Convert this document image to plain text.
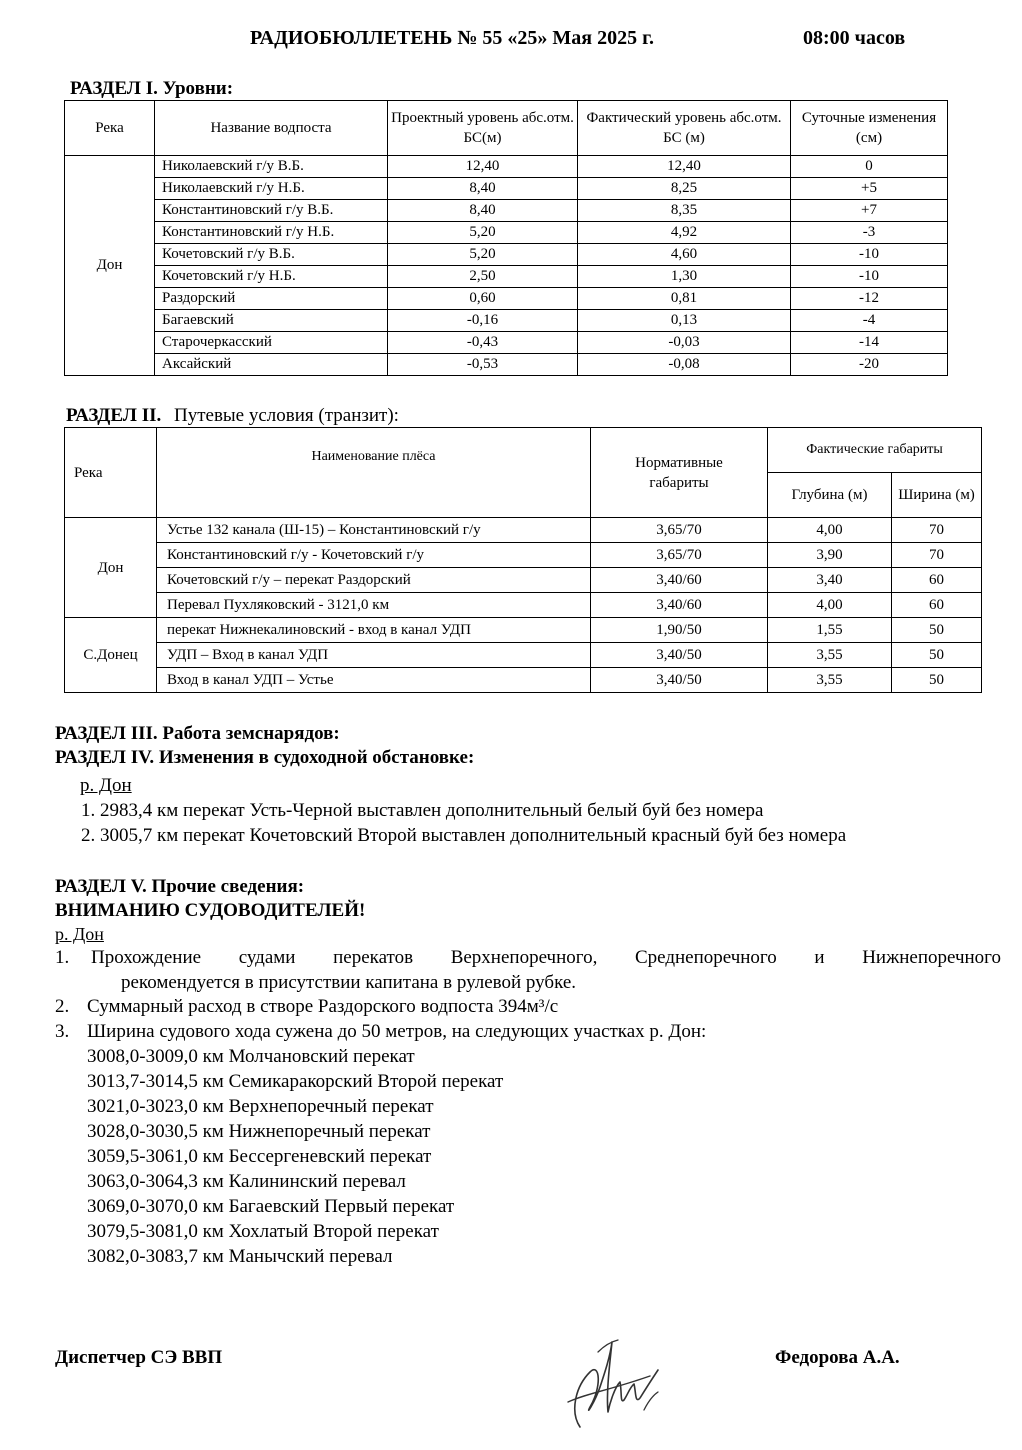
РАДИОБЮЛЛЕТЕНЬ № 55 «25» Мая 2025 г.	08:00 часов
РАЗДЕЛ I. Уровни:
Река	Название водпоста	Проектный уровень абс.отм. БС(м)	Фактический уровень абс.отм. БС (м)	Суточные изменения (см)
Дон	Николаевский г/у В.Б.	12,40	12,40	0
	Николаевский г/у Н.Б.	8,40	8,25	+5
	Константиновский г/у В.Б.	8,40	8,35	+7
	Константиновский г/у Н.Б.	5,20	4,92	-3
	Кочетовский г/у В.Б.	5,20	4,60	-10
	Кочетовский г/у Н.Б.	2,50	1,30	-10
	Раздорский	0,60	0,81	-12
	Багаевский	-0,16	0,13	-4
	Старочеркасский	-0,43	-0,03	-14
	Аксайский	-0,53	-0,08	-20
РАЗДЕЛ II. Путевые условия (транзит):
Река	Наименование плёса	Нормативные габариты	Фактические габариты	
			Глубина (м)	Ширина (м)
Дон	Устье 132 канала (Ш-15) – Константиновский г/у	3,65/70	4,00	70
	Константиновский г/у - Кочетовский г/у	3,65/70	3,90	70
	Кочетовский г/у – перекат Раздорский	3,40/60	3,40	60
	Перевал Пухляковский - 3121,0 км	3,40/60	4,00	60
С.Донец	перекат Нижнекалиновский - вход в канал УДП	1,90/50	1,55	50
	УДП – Вход в канал УДП	3,40/50	3,55	50
	Вход в канал УДП – Устье	3,40/50	3,55	50
РАЗДЕЛ III. Работа земснарядов:
РАЗДЕЛ IV. Изменения в судоходной обстановке:
р. Дон
1. 2983,4 км перекат Усть-Черной выставлен дополнительный белый буй без номера
2. 3005,7 км перекат Кочетовский Второй выставлен дополнительный красный буй без номера
РАЗДЕЛ V. Прочие сведения:
ВНИМАНИЮ СУДОВОДИТЕЛЕЙ!
р. Дон
1. Прохождение судами перекатов Верхнепоречного, Среднепоречного и Нижнепоречного
рекомендуется в присутствии капитана в рулевой рубке.
2. Суммарный расход в створе Раздорского водпоста 394м³/с
3. Ширина судового хода сужена до 50 метров, на следующих участках р. Дон:
3008,0-3009,0 км Молчановский перекат
3013,7-3014,5 км Семикаракорский Второй перекат
3021,0-3023,0 км Верхнепоречный перекат
3028,0-3030,5 км Нижнепоречный перекат
3059,5-3061,0 км Бессергеневский перекат
3063,0-3064,3 км Калининский перевал
3069,0-3070,0 км Багаевский Первый перекат
3079,5-3081,0 км Хохлатый Второй перекат
3082,0-3083,7 км Манычский перевал
Диспетчер СЭ ВВП	Федорова А.А.
